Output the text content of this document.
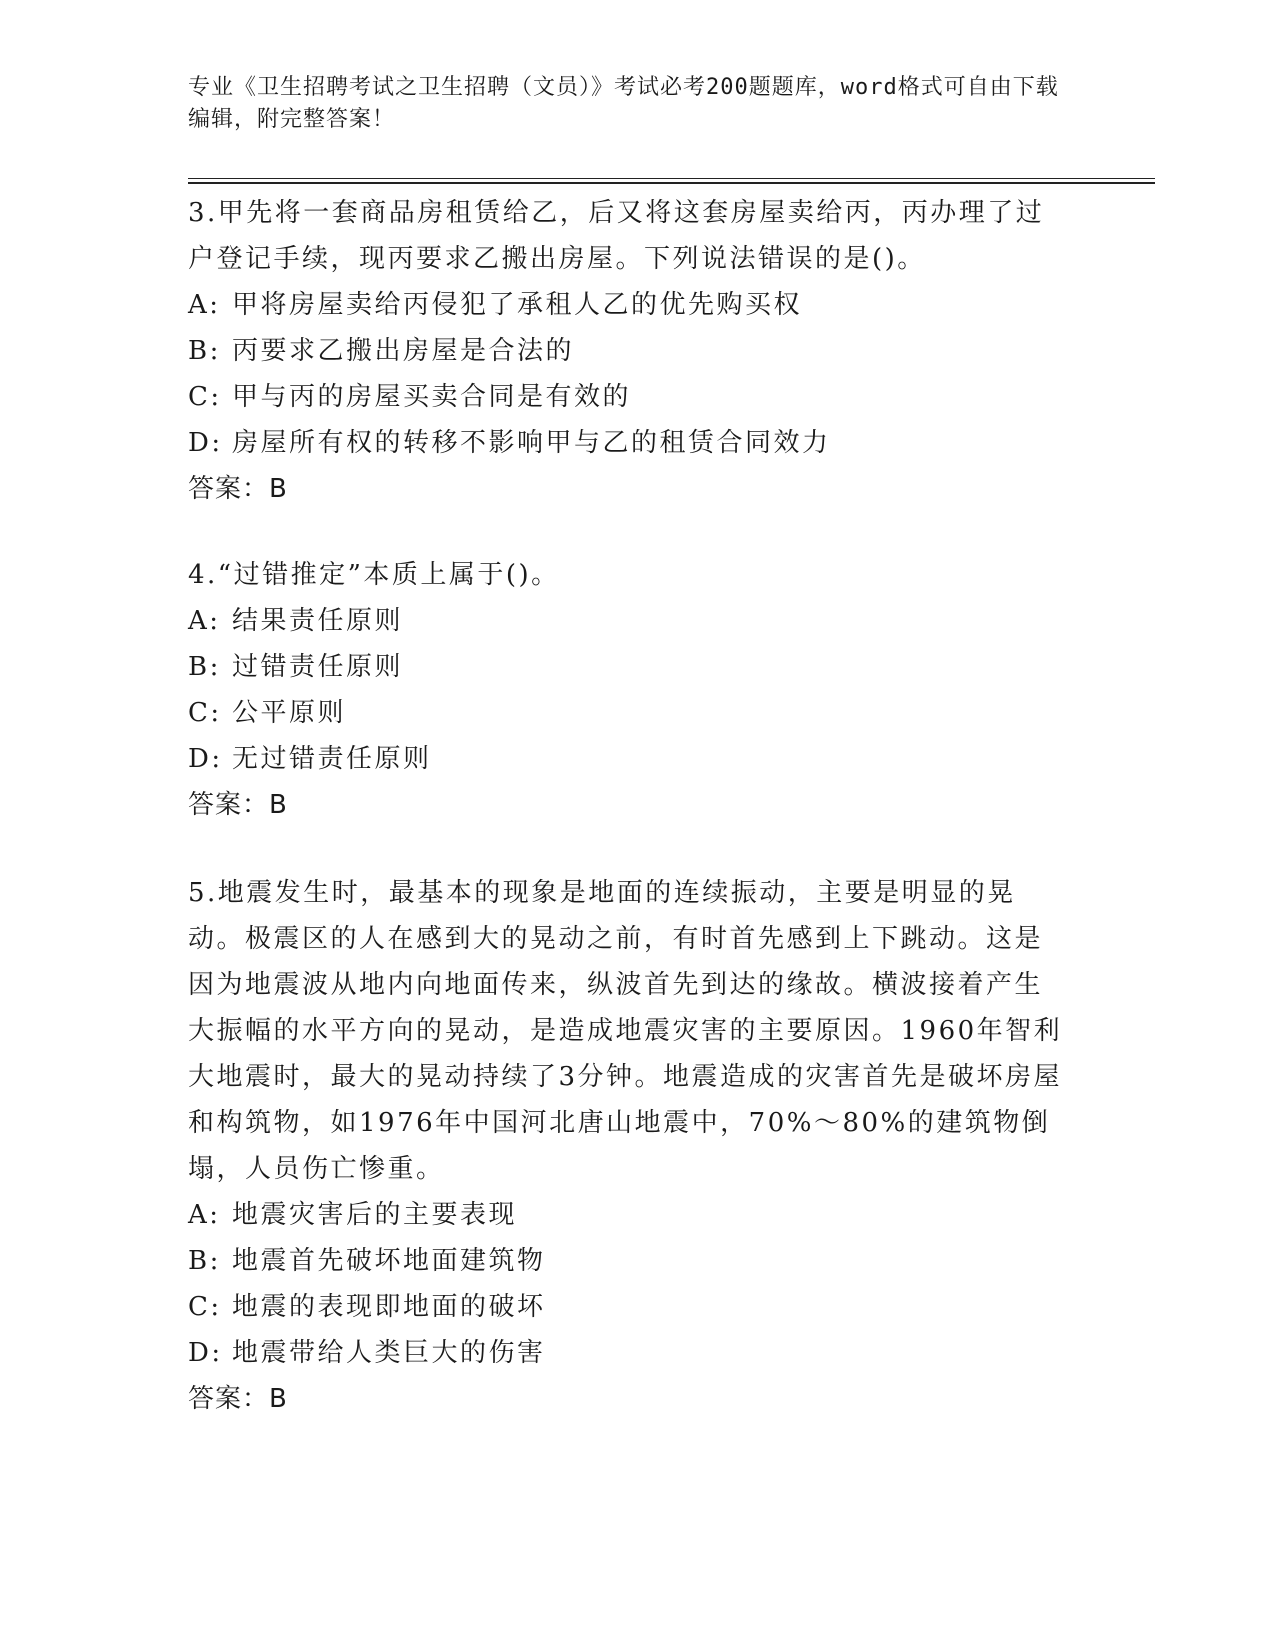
专业《卫生招聘考试之卫生招聘（文员）》考试必考200题题库，word格式可自由下载编辑，附完整答案！

3.甲先将一套商品房租赁给乙，后又将这套房屋卖给丙，丙办理了过户登记手续，现丙要求乙搬出房屋。下列说法错误的是()。

A: 甲将房屋卖给丙侵犯了承租人乙的优先购买权

B: 丙要求乙搬出房屋是合法的

C: 甲与丙的房屋买卖合同是有效的

D: 房屋所有权的转移不影响甲与乙的租赁合同效力

答案：B

4.“过错推定”本质上属于()。

A: 结果责任原则

B: 过错责任原则

C: 公平原则

D: 无过错责任原则

答案：B

5.地震发生时，最基本的现象是地面的连续振动，主要是明显的晃动。极震区的人在感到大的晃动之前，有时首先感到上下跳动。这是因为地震波从地内向地面传来，纵波首先到达的缘故。横波接着产生大振幅的水平方向的晃动，是造成地震灾害的主要原因。1960年智利大地震时，最大的晃动持续了3分钟。地震造成的灾害首先是破坏房屋和构筑物，如1976年中国河北唐山地震中，70%～80%的建筑物倒塌，人员伤亡惨重。

A: 地震灾害后的主要表现

B: 地震首先破坏地面建筑物

C: 地震的表现即地面的破坏

D: 地震带给人类巨大的伤害

答案：B
